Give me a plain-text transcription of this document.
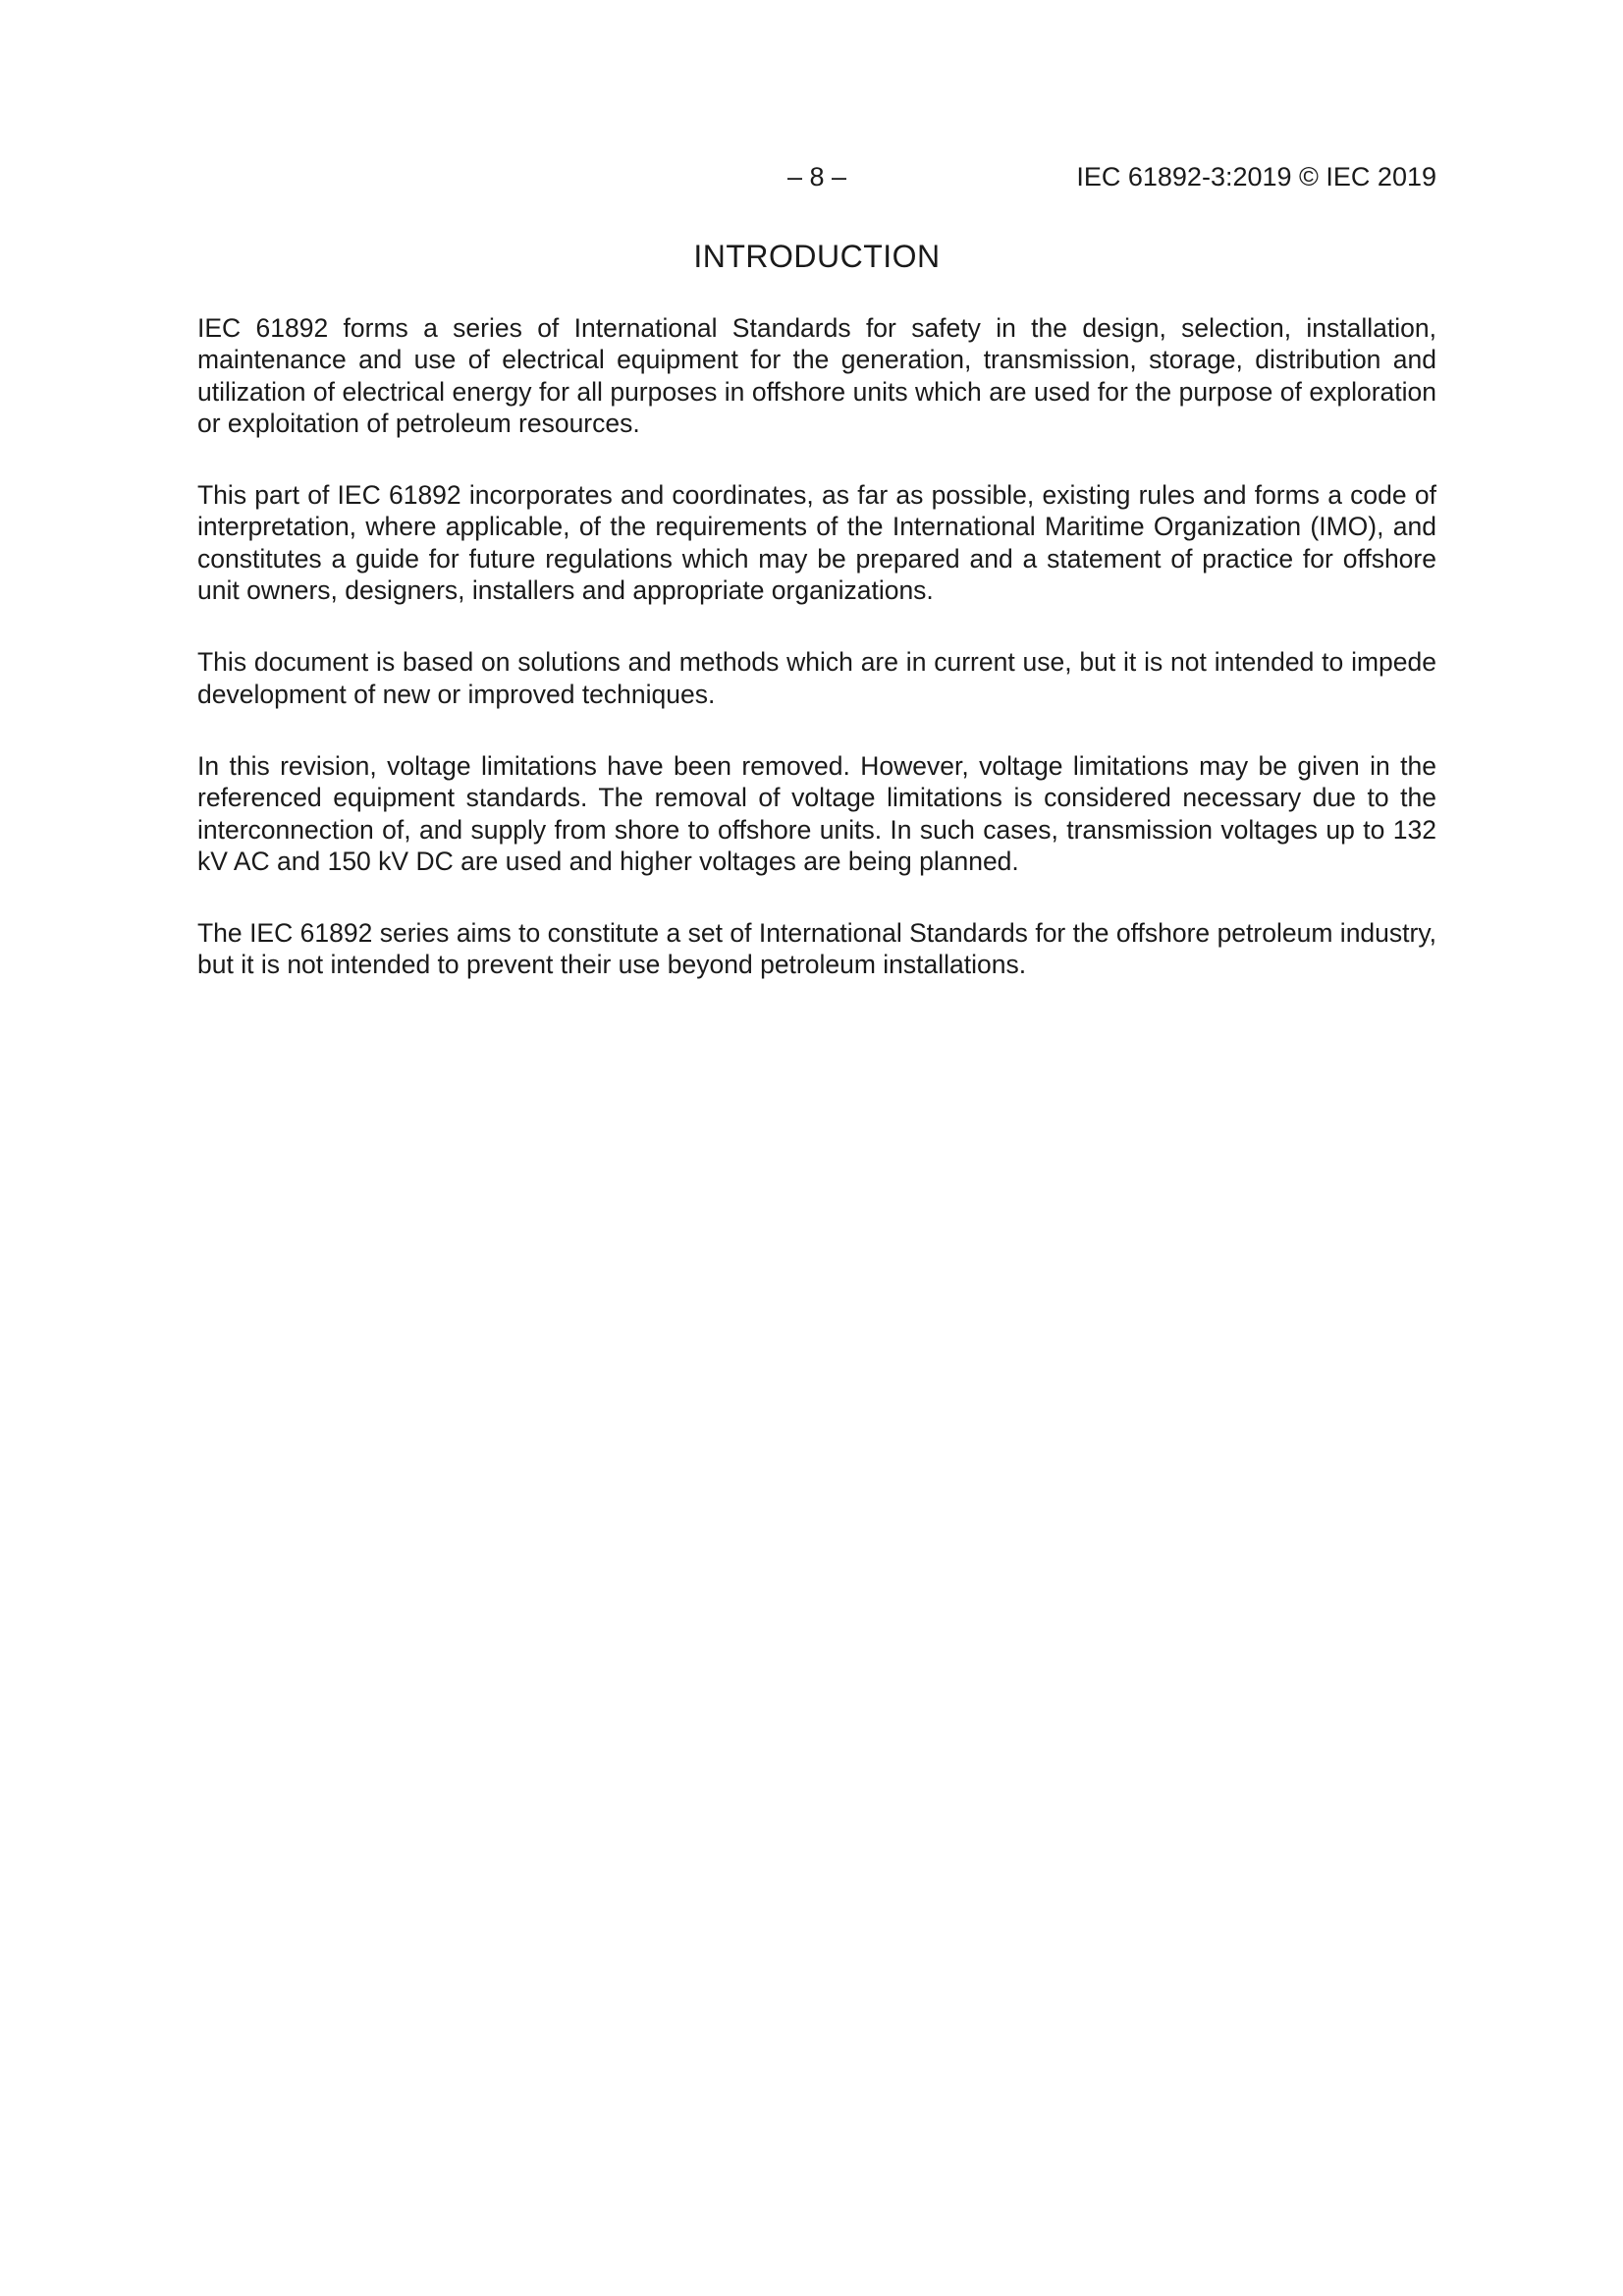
– 8 –	IEC 61892-3:2019 © IEC 2019
INTRODUCTION

IEC 61892 forms a series of International Standards for safety in the design, selection, installation, maintenance and use of electrical equipment for the generation, transmission, storage, distribution and utilization of electrical energy for all purposes in offshore units which are used for the purpose of exploration or exploitation of petroleum resources.

This part of IEC 61892 incorporates and coordinates, as far as possible, existing rules and forms a code of interpretation, where applicable, of the requirements of the International Maritime Organization (IMO), and constitutes a guide for future regulations which may be prepared and a statement of practice for offshore unit owners, designers, installers and appropriate organizations.

This document is based on solutions and methods which are in current use, but it is not intended to impede development of new or improved techniques.

In this revision, voltage limitations have been removed. However, voltage limitations may be given in the referenced equipment standards. The removal of voltage limitations is considered necessary due to the interconnection of, and supply from shore to offshore units. In such cases, transmission voltages up to 132 kV AC and 150 kV DC are used and higher voltages are being planned.

The IEC 61892 series aims to constitute a set of International Standards for the offshore petroleum industry, but it is not intended to prevent their use beyond petroleum installations.
